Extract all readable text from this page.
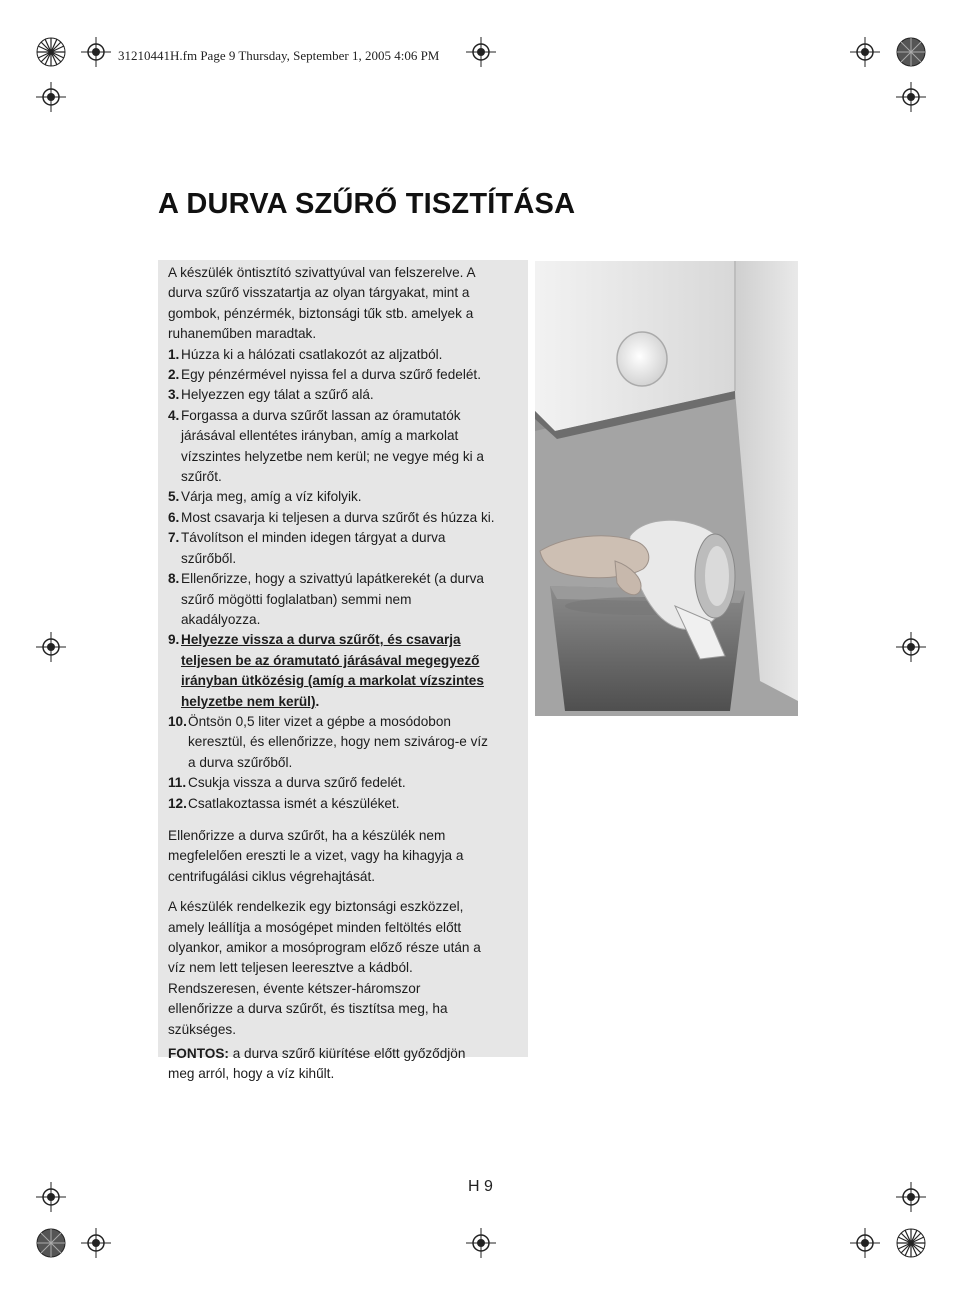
31210441H.fm Page 9 Thursday, September 1, 2005 4:06 PM
A DURVA SZŰRŐ TISZTÍTÁSA

A készülék öntisztító szivattyúval van felszerelve. A

durva szűrő visszatartja az olyan tárgyakat, mint a

gombok, pénzérmék, biztonsági tűk stb. amelyek a

ruhaneműben maradtak.

1. Húzza ki a hálózati csatlakozót az aljzatból.

2. Egy pénzérmével nyissa fel a durva szűrő fedelét.

3. Helyezzen egy tálat a szűrő alá.

4. Forgassa a durva szűrőt lassan az óramutatók

járásával ellentétes irányban, amíg a markolat

vízszintes helyzetbe nem kerül; ne vegye még ki a

szűrőt.

5. Várja meg, amíg a víz kifolyik.

6. Most csavarja ki teljesen a durva szűrőt és húzza ki.

7. Távolítson el minden idegen tárgyat a durva

szűrőből.

8. Ellenőrizze, hogy a szivattyú lapátkerekét (a durva

szűrő mögötti foglalatban) semmi nem

akadályozza.

9. Helyezze vissza a durva szűrőt, és csavarja

teljesen be az óramutató járásával megegyező

irányban ütközésig (amíg a markolat vízszintes

helyzetbe nem kerül).

10. Öntsön 0,5 liter vizet a gépbe a mosódobon

keresztül, és ellenőrizze, hogy nem szivárog-e víz

a durva szűrőből.

11. Csukja vissza a durva szűrő fedelét.

12. Csatlakoztassa ismét a készüléket.

Ellenőrizze a durva szűrőt, ha a készülék nem

megfelelően ereszti le a vizet, vagy ha kihagyja a

centrifugálási ciklus végrehajtását.

A készülék rendelkezik egy biztonsági eszközzel,

amely leállítja a mosógépet minden feltöltés előtt

olyankor, amikor a mosóprogram előző része után a

víz nem lett teljesen leeresztve a kádból.

Rendszeresen, évente kétszer-háromszor

ellenőrizze a durva szűrőt, és tisztítsa meg, ha

szükséges.

FONTOS: a durva szűrő kiürítése előtt győződjön

meg arról, hogy a víz kihűlt.

H 9
